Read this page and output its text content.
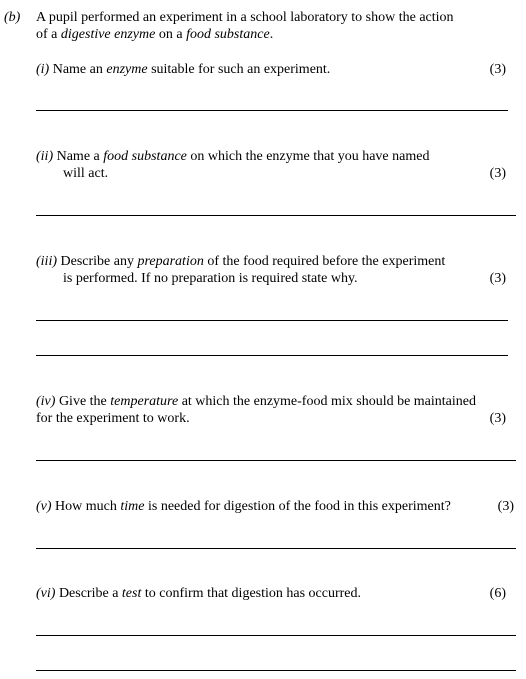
(b) A pupil performed an experiment in a school laboratory to show the action
of a digestive enzyme on a food substance.
(i) Name an enzyme suitable for such an experiment.	(3)
(ii) Name a food substance on which the enzyme that you have named
will act.	(3)
(iii) Describe any preparation of the food required before the experiment
is performed. If no preparation is required state why.	(3)
(iv) Give the temperature at which the enzyme-food mix should be maintained
for the experiment to work.	(3)
(v) How much time is needed for digestion of the food in this experiment?	(3)
(vi) Describe a test to confirm that digestion has occurred.	(6)
